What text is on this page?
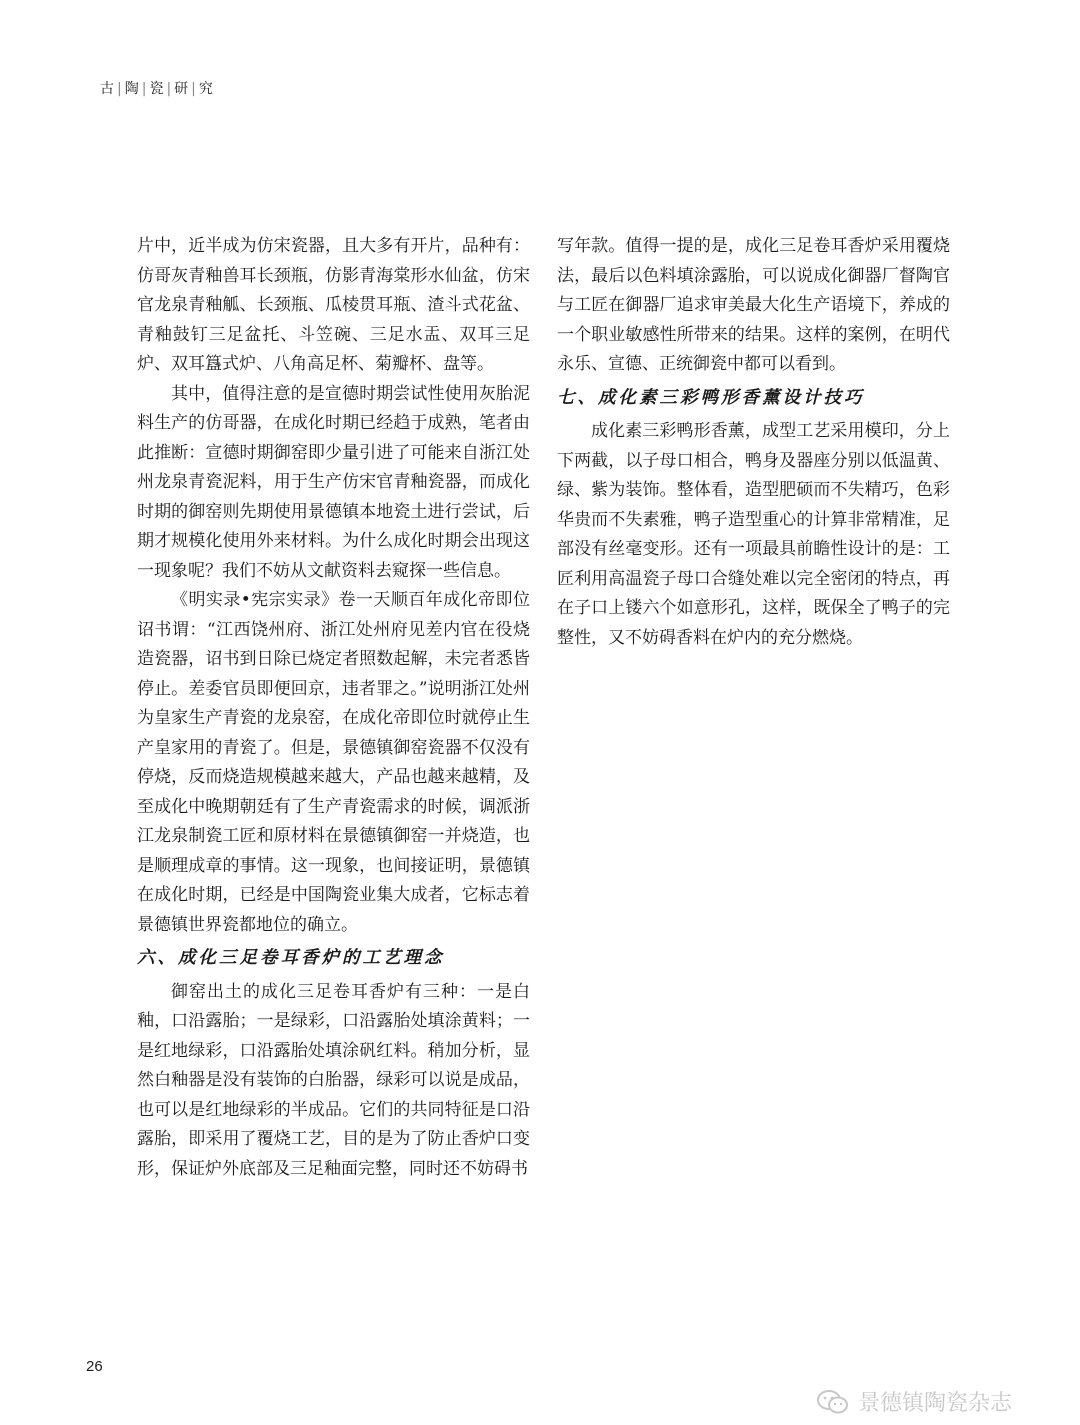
古 | 陶 | 瓷 | 研 | 究

片中，近半成为仿宋瓷器，且大多有开片，品种有：仿哥灰青釉兽耳长颈瓶，仿影青海棠形水仙盆，仿宋官龙泉青釉觚、长颈瓶、瓜棱贯耳瓶、渣斗式花盆、青釉鼓钉三足盆托、斗笠碗、三足水盂、双耳三足炉、双耳簋式炉、八角高足杯、菊瓣杯、盘等。

其中，值得注意的是宣德时期尝试性使用灰胎泥料生产的仿哥器，在成化时期已经趋于成熟，笔者由此推断：宣德时期御窑即少量引进了可能来自浙江处州龙泉青瓷泥料，用于生产仿宋官青釉瓷器，而成化时期的御窑则先期使用景德镇本地瓷土进行尝试，后期才规模化使用外来材料。为什么成化时期会出现这一现象呢？我们不妨从文献资料去窥探一些信息。

《明实录•宪宗实录》卷一天顺百年成化帝即位诏书谓：“江西饶州府、浙江处州府见差内官在役烧造瓷器，诏书到日除已烧定者照数起解，未完者悉皆停止。差委官员即便回京，违者罪之。”说明浙江处州为皇家生产青瓷的龙泉窑，在成化帝即位时就停止生产皇家用的青瓷了。但是，景德镇御窑瓷器不仅没有停烧，反而烧造规模越来越大，产品也越来越精，及至成化中晚期朝廷有了生产青瓷需求的时候，调派浙江龙泉制瓷工匠和原材料在景德镇御窑一并烧造，也是顺理成章的事情。这一现象，也间接证明，景德镇在成化时期，已经是中国陶瓷业集大成者，它标志着景德镇世界瓷都地位的确立。

六、成化三足卷耳香炉的工艺理念

御窑出土的成化三足卷耳香炉有三种：一是白釉，口沿露胎；一是绿彩，口沿露胎处填涂黄料；一是红地绿彩，口沿露胎处填涂矾红料。稍加分析，显然白釉器是没有装饰的白胎器，绿彩可以说是成品，也可以是红地绿彩的半成品。它们的共同特征是口沿露胎，即采用了覆烧工艺，目的是为了防止香炉口变形，保证炉外底部及三足釉面完整，同时还不妨碍书

写年款。值得一提的是，成化三足卷耳香炉采用覆烧法，最后以色料填涂露胎，可以说成化御器厂督陶官与工匠在御器厂追求审美最大化生产语境下，养成的一个职业敏感性所带来的结果。这样的案例，在明代永乐、宣德、正统御瓷中都可以看到。

七、成化素三彩鸭形香薰设计技巧

成化素三彩鸭形香薰，成型工艺采用模印，分上下两截，以子母口相合，鸭身及器座分别以低温黄、绿、紫为装饰。整体看，造型肥硕而不失精巧，色彩华贵而不失素雅，鸭子造型重心的计算非常精准，足部没有丝毫变形。还有一项最具前瞻性设计的是：工匠利用高温瓷子母口合缝处难以完全密闭的特点，再在子口上镂六个如意形孔，这样，既保全了鸭子的完整性，又不妨碍香料在炉内的充分燃烧。

26
景德镇陶瓷杂志
